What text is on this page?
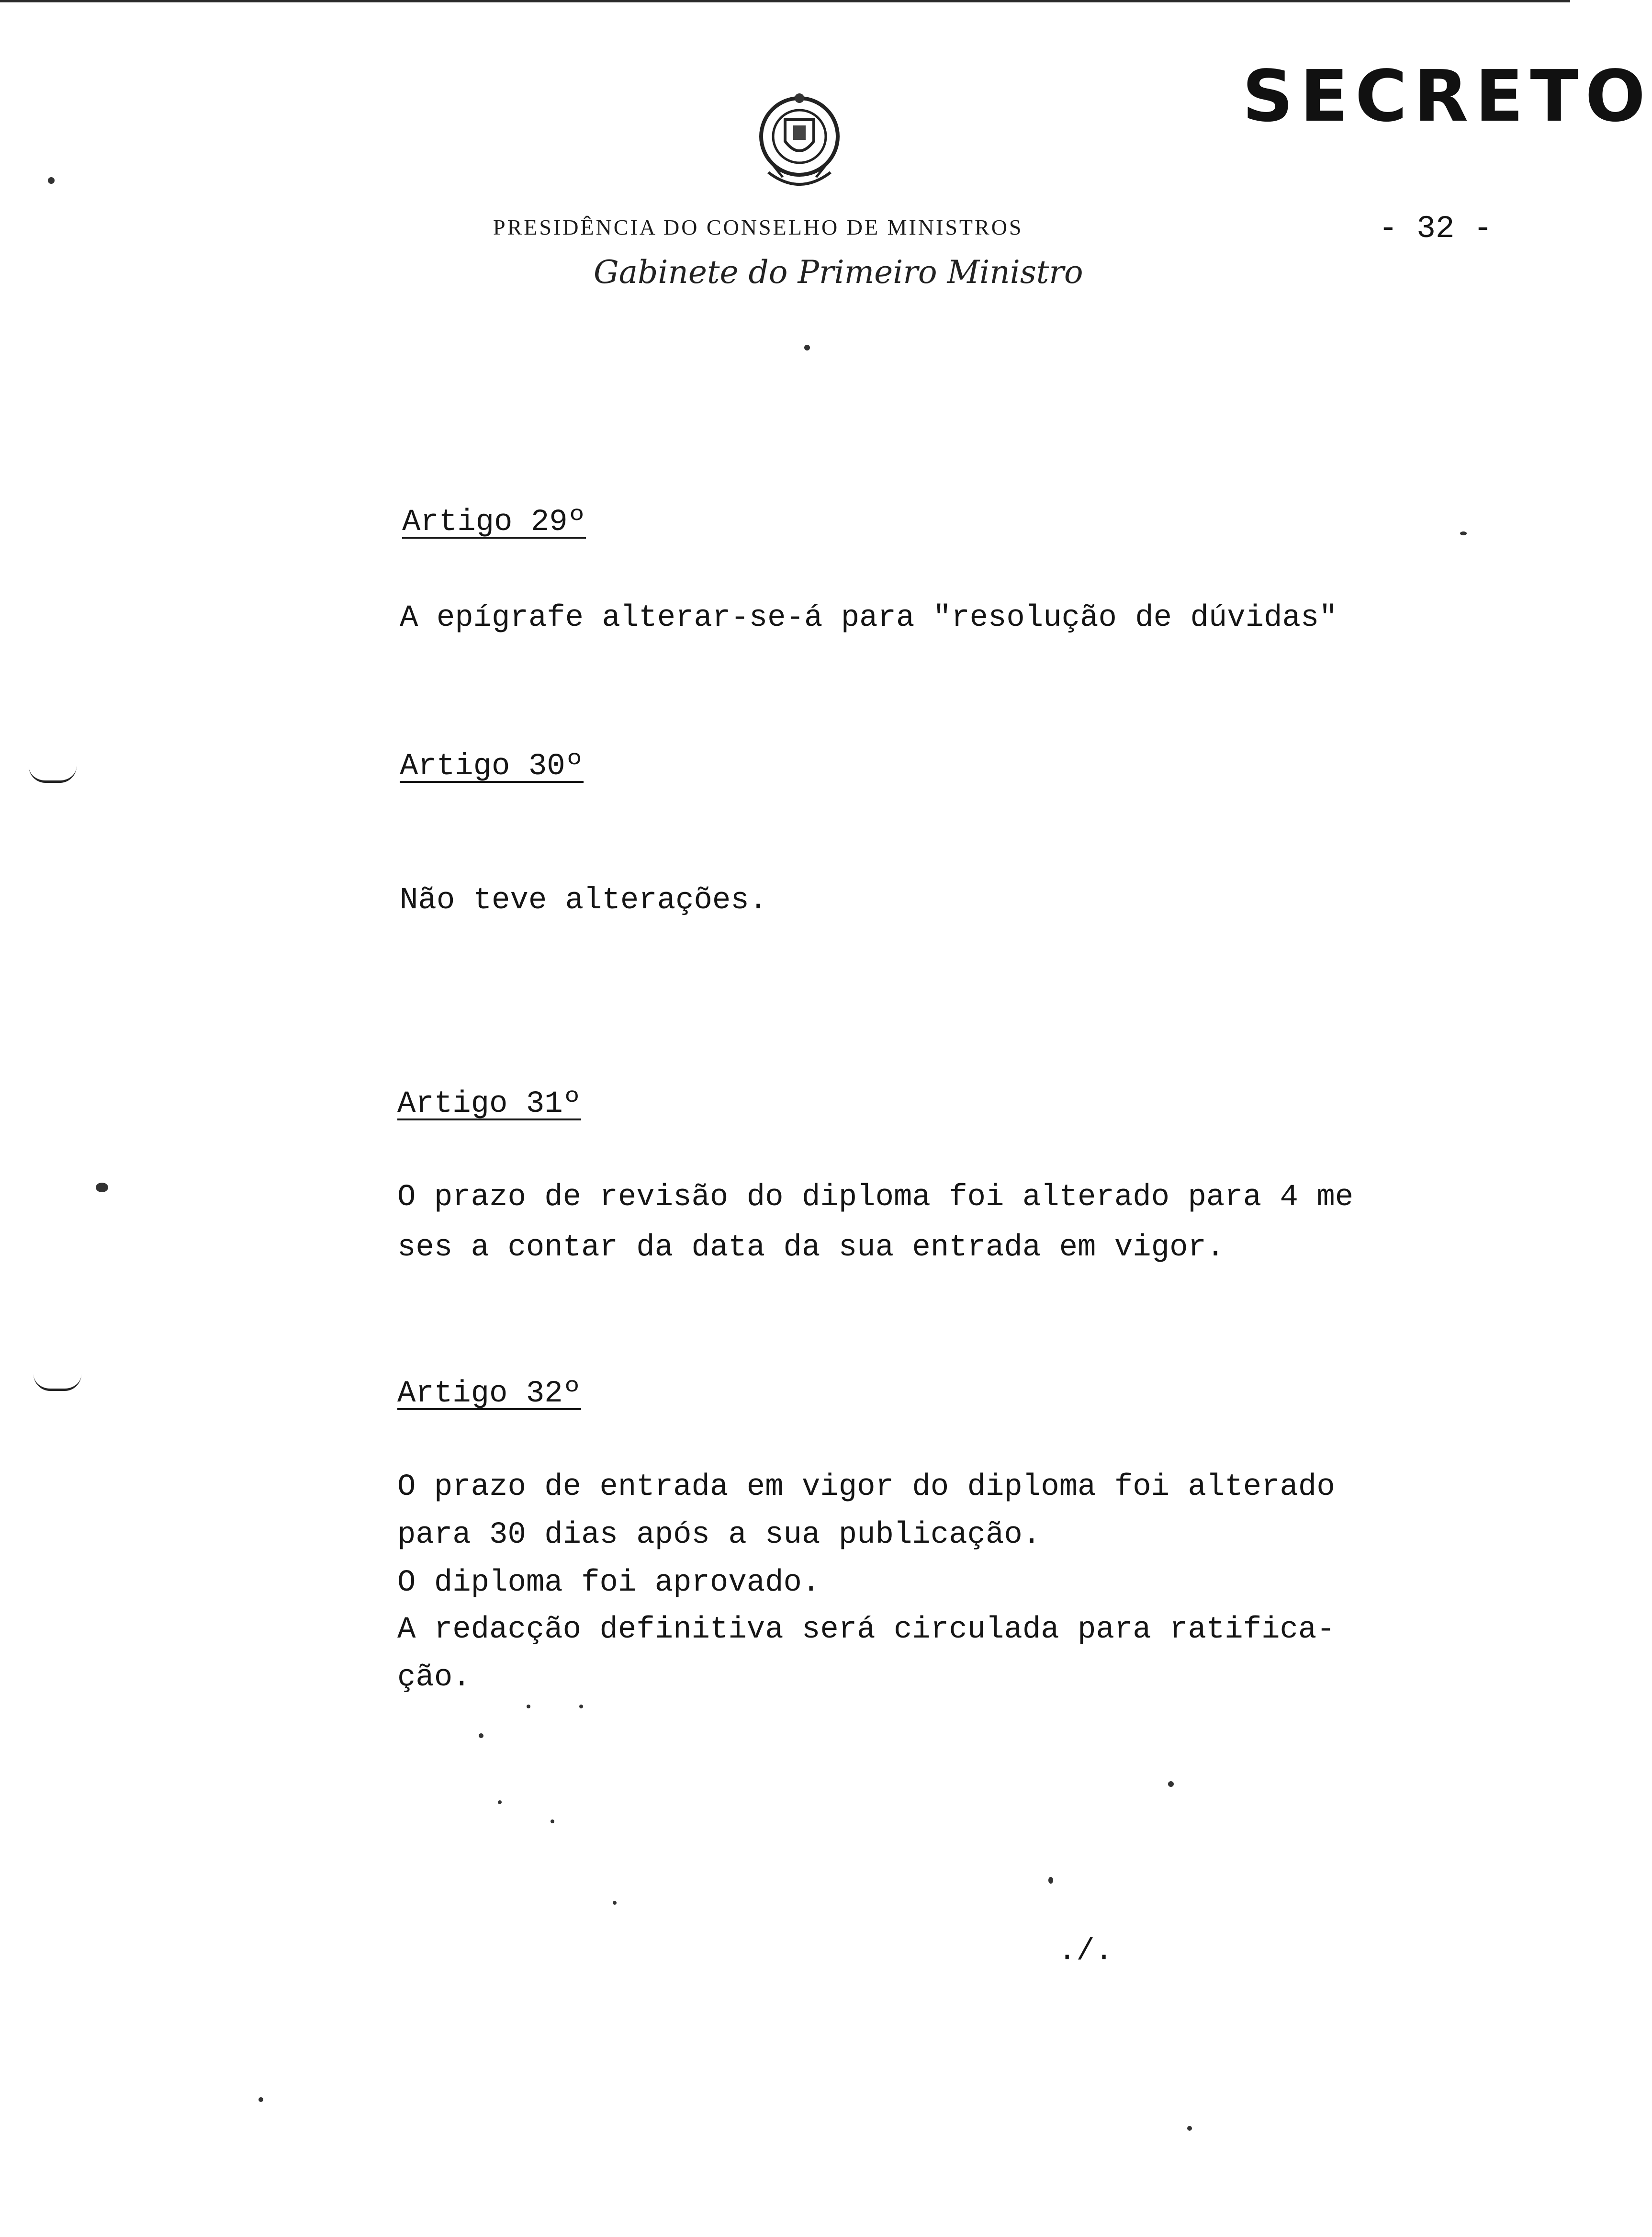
SECRETO
PRESIDÊNCIA DO CONSELHO DE MINISTROS
Gabinete do Primeiro Ministro
- 32 -
Artigo 29º
A epígrafe alterar-se-á para "resolução de dúvidas"
Artigo 30º
Não teve alterações.
Artigo 31º
O prazo de revisão do diploma foi alterado para 4 me
ses a contar da data da sua entrada em vigor.
Artigo 32º
O prazo de entrada em vigor do diploma foi alterado
para 30 dias após a sua publicação.
O diploma foi aprovado.
A redacção definitiva será circulada para ratifica-
ção.
./.
